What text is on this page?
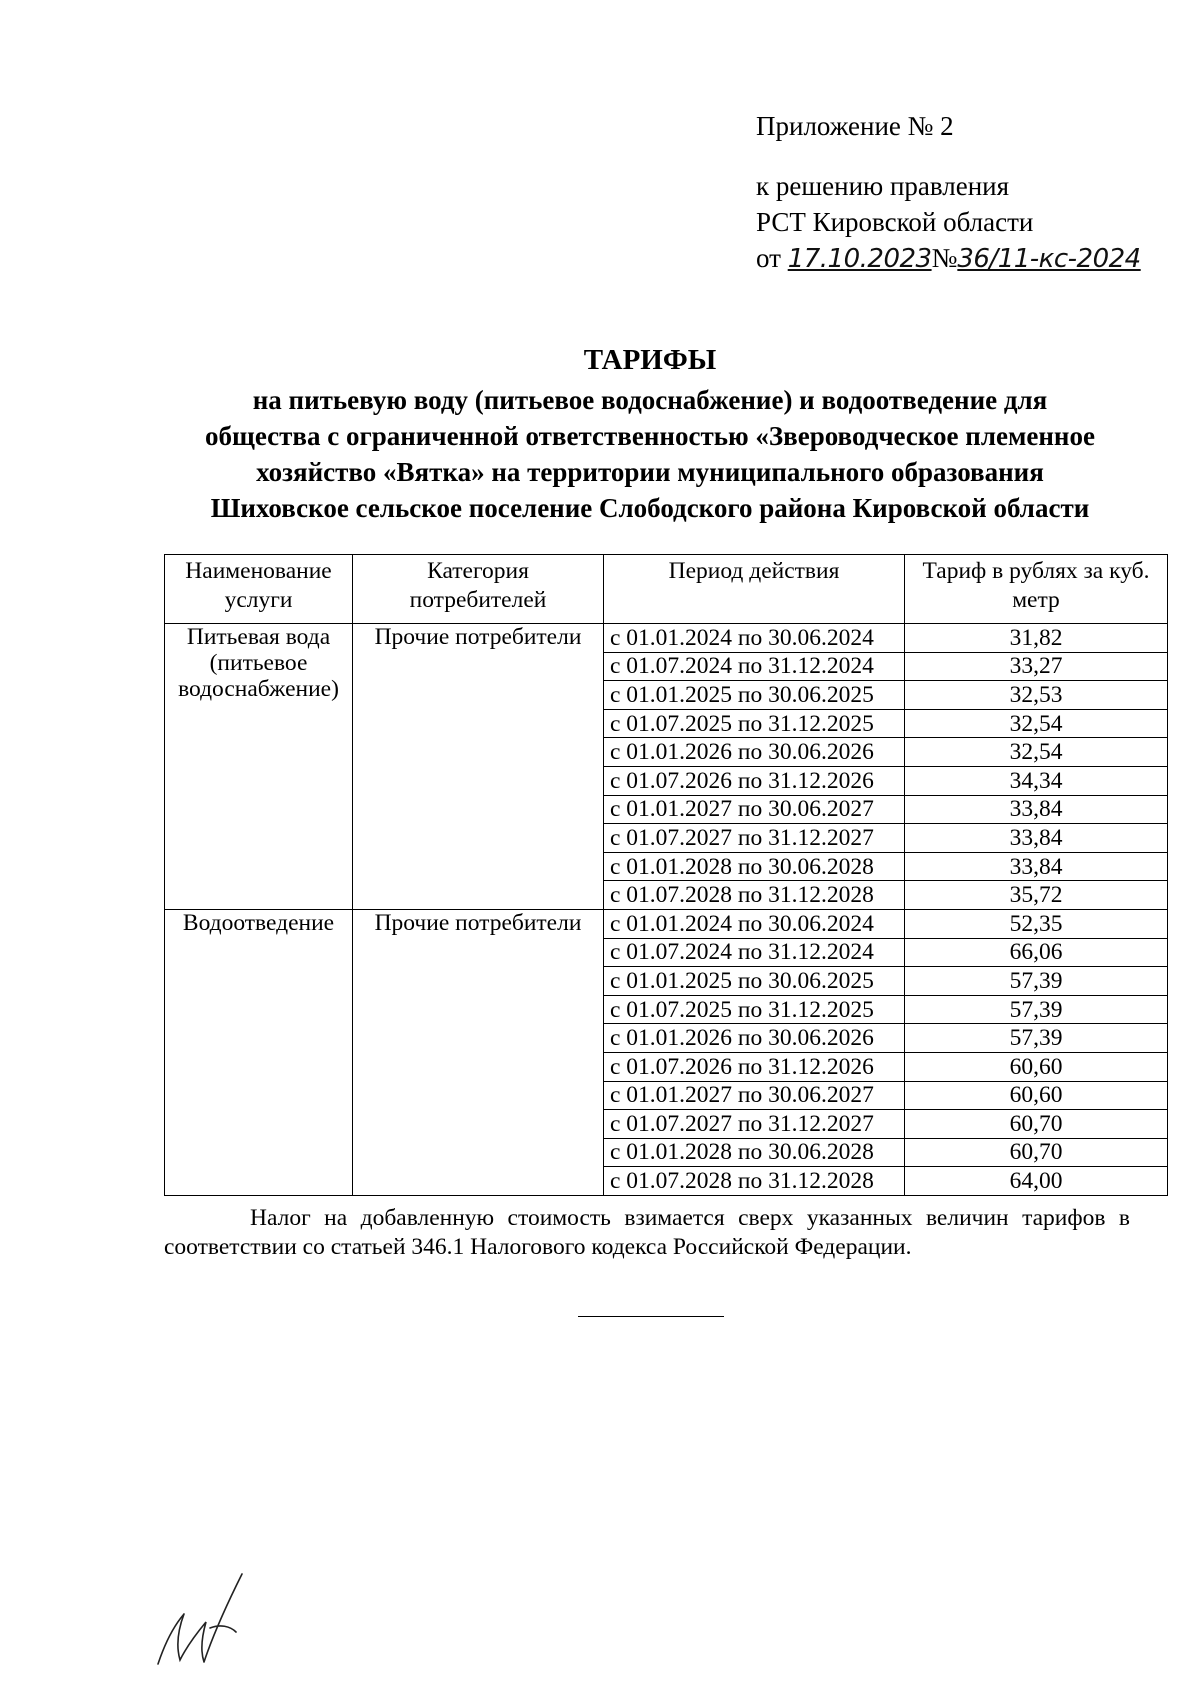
Приложение № 2
к решению правления
РСТ Кировской области
от 17.10.2023№36/11-кс-2024
ТАРИФЫ
на питьевую воду (питьевое водоснабжение) и водоотведение для
общества с ограниченной ответственностью «Звероводческое племенное
хозяйство «Вятка» на территории муниципального образования
Шиховское сельское поселение Слободского района Кировской области
Наименование услуги	Категория потребителей	Период действия	Тариф в рублях за куб. метр
Питьевая вода (питьевое водоснабжение)	Прочие потребители	с 01.01.2024 по 30.06.2024	31,82
		с 01.07.2024 по 31.12.2024	33,27
		с 01.01.2025 по 30.06.2025	32,53
		с 01.07.2025 по 31.12.2025	32,54
		с 01.01.2026 по 30.06.2026	32,54
		с 01.07.2026 по 31.12.2026	34,34
		с 01.01.2027 по 30.06.2027	33,84
		с 01.07.2027 по 31.12.2027	33,84
		с 01.01.2028 по 30.06.2028	33,84
		с 01.07.2028 по 31.12.2028	35,72
Водоотведение	Прочие потребители	с 01.01.2024 по 30.06.2024	52,35
		с 01.07.2024 по 31.12.2024	66,06
		с 01.01.2025 по 30.06.2025	57,39
		с 01.07.2025 по 31.12.2025	57,39
		с 01.01.2026 по 30.06.2026	57,39
		с 01.07.2026 по 31.12.2026	60,60
		с 01.01.2027 по 30.06.2027	60,60
		с 01.07.2027 по 31.12.2027	60,70
		с 01.01.2028 по 30.06.2028	60,70
		с 01.07.2028 по 31.12.2028	64,00
Налог на добавленную стоимость взимается сверх указанных величин тарифов в соответствии со статьей 346.1 Налогового кодекса Российской Федерации.
